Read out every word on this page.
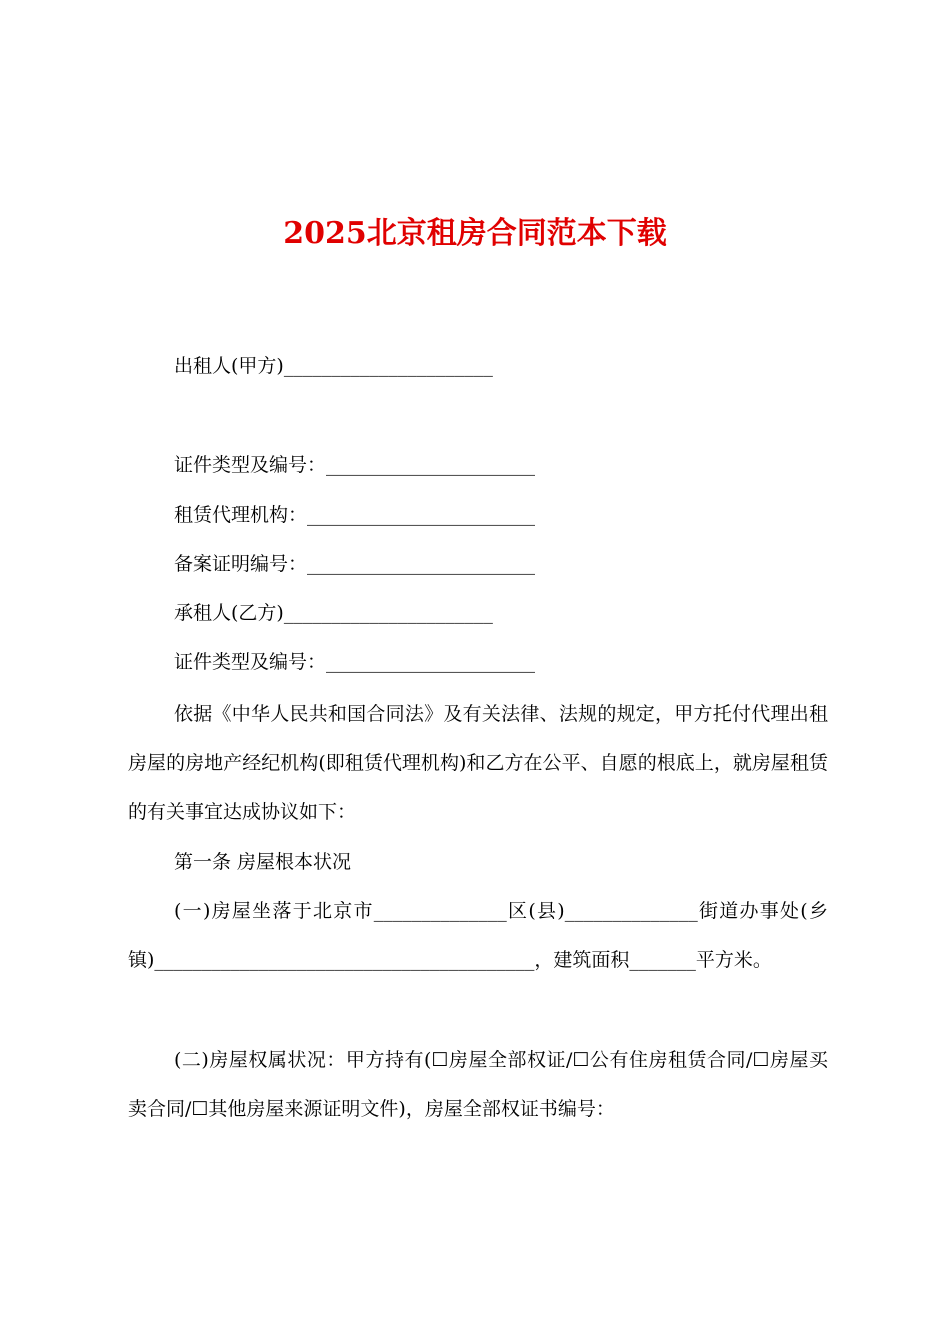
2025北京租房合同范本下载
出租人(甲方)______________________
证件类型及编号：______________________
租赁代理机构：________________________
备案证明编号：________________________
承租人(乙方)______________________
证件类型及编号：______________________
依据《中华人民共和国合同法》及有关法律、法规的规定，甲方托付代理出租房屋的房地产经纪机构(即租赁代理机构)和乙方在公平、自愿的根底上，就房屋租赁的有关事宜达成协议如下：
第一条 房屋根本状况
(一)房屋坐落于北京市______________区(县)______________街道办事处(乡镇)________________________________________，建筑面积_______平方米。
(二)房屋权属状况：甲方持有(☐房屋全部权证/☐公有住房租赁合同/☐房屋买卖合同/☐其他房屋来源证明文件)，房屋全部权证书编号：
